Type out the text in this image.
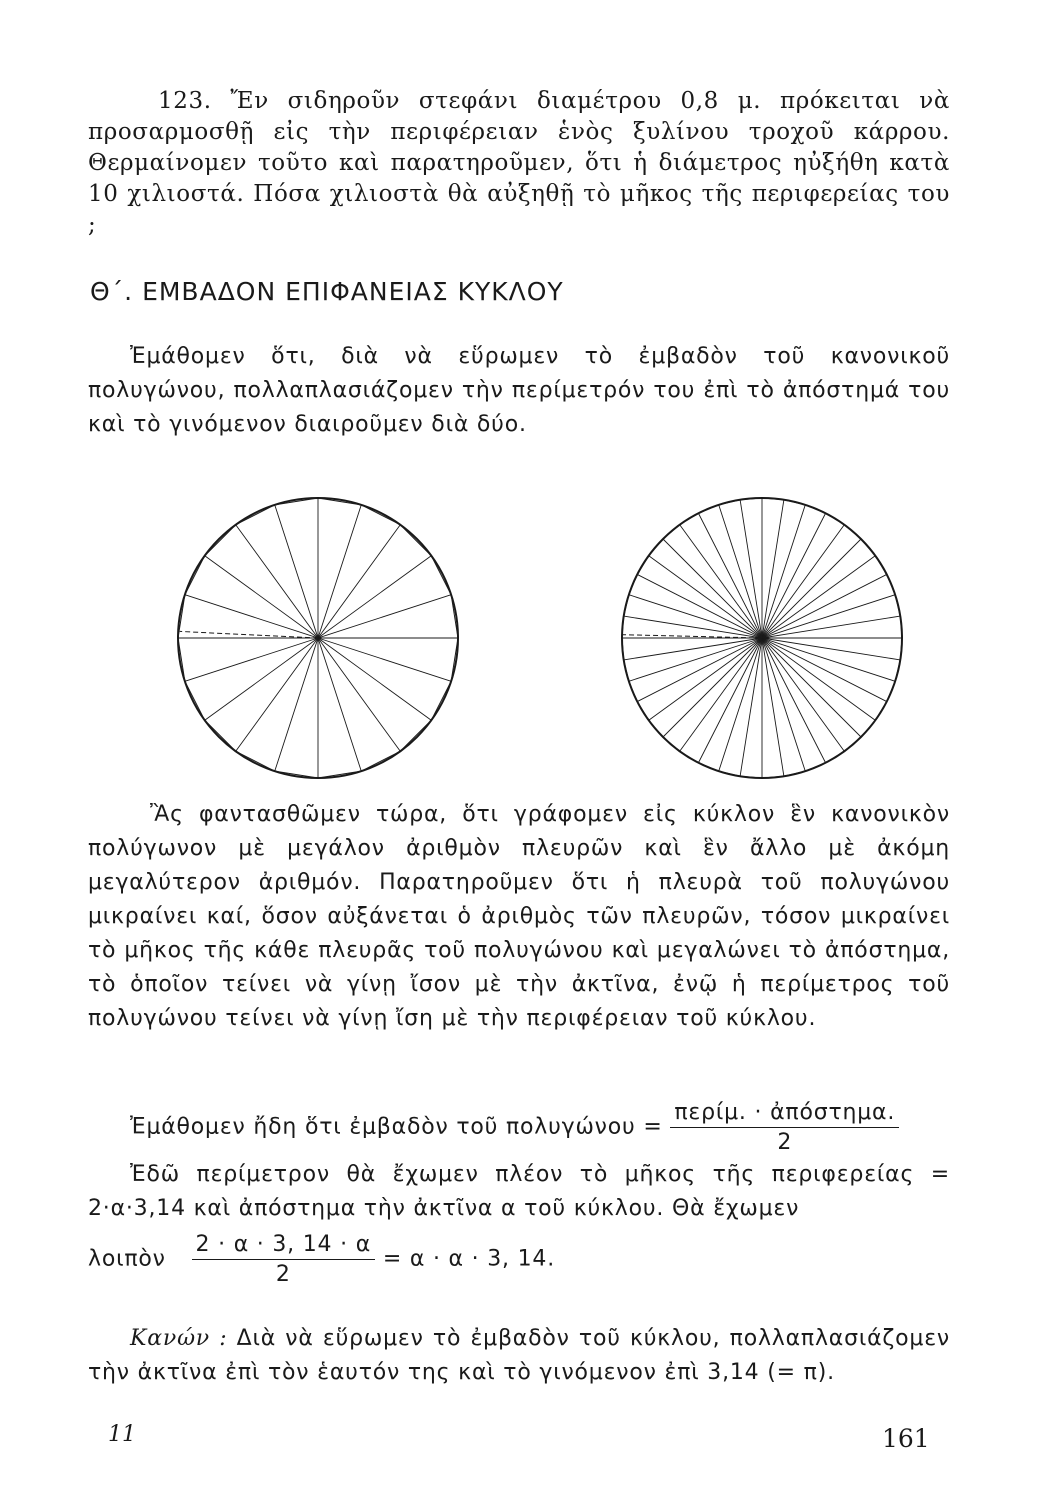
123. Ἔν σιδηροῦν στεφάνι διαμέτρου 0,8 μ. πρόκειται νὰ προσαρμοσθῇ εἰς τὴν περιφέρειαν ἑνὸς ξυλίνου τροχοῦ κάρρου. Θερμαίνομεν τοῦτο καὶ παρατηροῦμεν, ὅτι ἡ διάμετρος ηὐξήθη κατὰ 10 χιλιοστά. Πόσα χιλιοστὰ θὰ αὐξηθῇ τὸ μῆκος τῆς περιφερείας του ;
Θ΄. ΕΜΒΑΔΟΝ ΕΠΙΦΑΝΕΙΑΣ ΚΥΚΛΟΥ
Ἐμάθομεν ὅτι, διὰ νὰ εὕρωμεν τὸ ἐμβαδὸν τοῦ κανονικοῦ πολυγώνου, πολλαπλασιάζομεν τὴν περίμετρόν του ἐπὶ τὸ ἀπόστημά του καὶ τὸ γινόμενον διαιροῦμεν διὰ δύο.
Ἂς φαντασθῶμεν τώρα, ὅτι γράφομεν εἰς κύκλον ἓν κανονικὸν πολύγωνον μὲ μεγάλον ἀριθμὸν πλευρῶν καὶ ἓν ἄλλο μὲ ἀκόμη μεγαλύτερον ἀριθμόν. Παρατηροῦμεν ὅτι ἡ πλευρὰ τοῦ πολυγώνου μικραίνει καί, ὅσον αὐξάνεται ὁ ἀριθμὸς τῶν πλευρῶν, τόσον μικραίνει τὸ μῆκος τῆς κάθε πλευρᾶς τοῦ πολυγώνου καὶ μεγαλώνει τὸ ἀπόστημα, τὸ ὁποῖον τείνει νὰ γίνῃ ἴσον μὲ τὴν ἀκτῖνα, ἐνῷ ἡ περίμετρος τοῦ πολυγώνου τείνει νὰ γίνῃ ἴση μὲ τὴν περιφέρειαν τοῦ κύκλου.
Ἐμάθομεν ἤδη ὅτι ἐμβαδὸν τοῦ $\pi o\lambda\upsilon\gamma ώ\nu o\upsilon = \frac{\text{περίμ. · ἀπόστημα.}}{2}$
Ἐδῶ περίμετρον θὰ ἔχωμεν πλέον τὸ μῆκος τῆς περιφερείας = 2·α·3,14 καὶ ἀπόστημα τὴν ἀκτῖνα α τοῦ κύκλου. Θὰ ἔχωμεν
λοιπὸν $\frac{2 \cdot \alpha \cdot 3, 14 \cdot \alpha}{2} = \alpha \cdot \alpha \cdot 3$, 14.
Κανών : Διὰ νὰ εὕρωμεν τὸ ἐμβαδὸν τοῦ κύκλου, πολλαπλασιάζομεν τὴν ἀκτῖνα ἐπὶ τὸν ἑαυτόν της καὶ τὸ γινόμενον ἐπὶ 3,14 (= π).
11	161
